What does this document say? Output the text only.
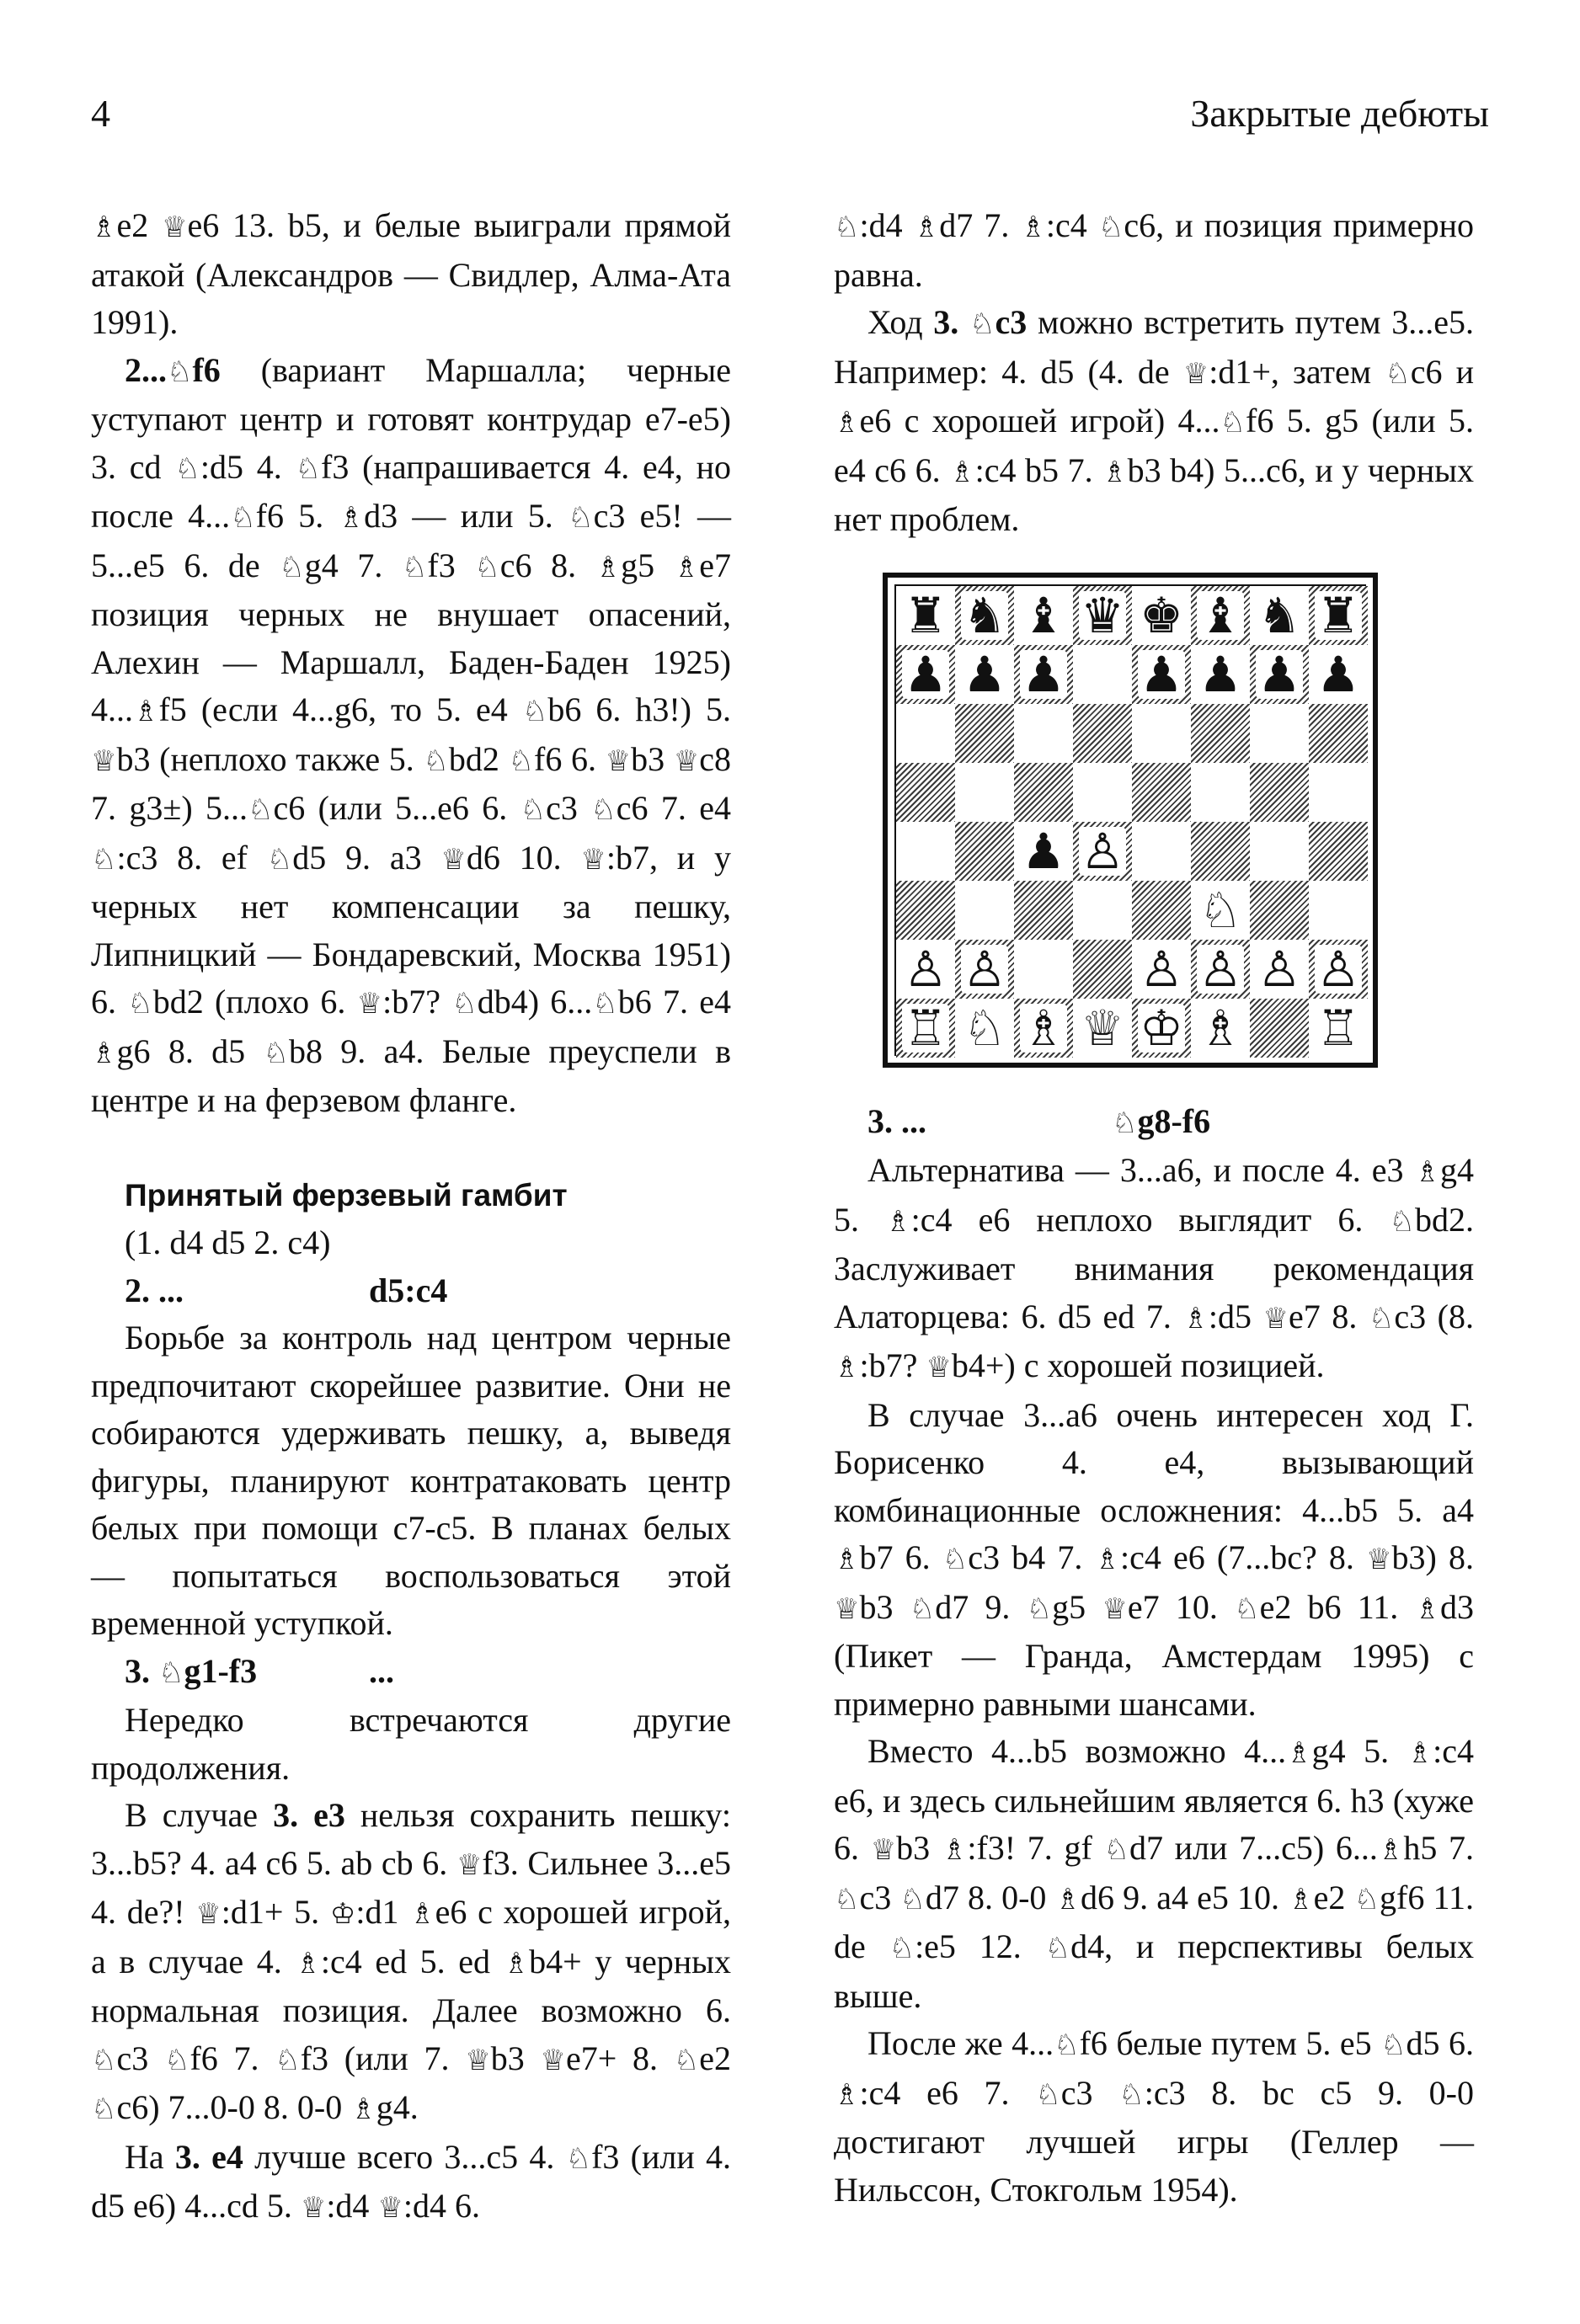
4	Закрытые дебюты

♗e2 ♕e6 13. b5, и белые выиграли прямой атакой (Александров — Свидлер, Алма-Ата 1991).

2...♘f6 (вариант Маршалла; черные уступают центр и готовят контрудар e7-e5) 3. cd ♘:d5 4. ♘f3 (напрашивается 4. e4, но после 4...♘f6 5. ♗d3 — или 5. ♘c3 e5! — 5...e5 6. de ♘g4 7. ♘f3 ♘c6 8. ♗g5 ♗e7 позиция черных не внушает опасений, Алехин — Маршалл, Баден-Баден 1925) 4...♗f5 (если 4...g6, то 5. e4 ♘b6 6. h3!) 5. ♕b3 (неплохо также 5. ♘bd2 ♘f6 6. ♕b3 ♕c8 7. g3±) 5...♘c6 (или 5...e6 6. ♘c3 ♘c6 7. e4 ♘:c3 8. ef ♘d5 9. a3 ♕d6 10. ♕:b7, и у черных нет компенсации за пешку, Липницкий — Бондаревский, Москва 1951) 6. ♘bd2 (плохо 6. ♕:b7? ♘db4) 6...♘b6 7. e4 ♗g6 8. d5 ♘b8 9. a4. Белые преуспели в центре и на ферзевом фланге.

Принятый ферзевый гамбит

(1. d4 d5 2. c4)

2. ...	d5:c4

Борьбе за контроль над центром черные предпочитают скорейшее развитие. Они не собираются удерживать пешку, а, выведя фигуры, планируют контратаковать центр белых при помощи c7-c5. В планах белых — попытаться воспользоваться этой временной уступкой.

3. ♘g1-f3	...

Нередко встречаются другие продолжения.

В случае 3. e3 нельзя сохранить пешку: 3...b5? 4. a4 c6 5. ab cb 6. ♕f3. Сильнее 3...e5 4. de?! ♕:d1+ 5. ♔:d1 ♗e6 с хорошей игрой, а в случае 4. ♗:c4 ed 5. ed ♗b4+ у черных нормальная позиция. Далее возможно 6. ♘c3 ♘f6 7. ♘f3 (или 7. ♕b3 ♕e7+ 8. ♘e2 ♘c6) 7...0-0 8. 0-0 ♗g4.

На 3. e4 лучше всего 3...c5 4. ♘f3 (или 4. d5 e6) 4...cd 5. ♕:d4 ♕:d4 6.

♘:d4 ♗d7 7. ♗:c4 ♘c6, и позиция примерно равна.

Ход 3. ♘c3 можно встретить путем 3...e5. Например: 4. d5 (4. de ♕:d1+, затем ♘c6 и ♗e6 с хорошей игрой) 4...♘f6 5. g5 (или 5. e4 c6 6. ♗:c4 b5 7. ♗b3 b4) 5...c6, и у черных нет проблем.

♜ ♞ ♝ ♛ ♚ ♝ ♞ ♜
♟ ♟ ♟ ♟ ♟ ♟ ♟
♟ ♙
♘
♙ ♙	♙ ♙ ♙ ♙
♖ ♘ ♗ ♕ ♔ ♗ ♖
3. ...	♘g8-f6

Альтернатива — 3...a6, и после 4. e3 ♗g4 5. ♗:c4 e6 неплохо выглядит 6. ♘bd2. Заслуживает внимания рекомендация Алаторцева: 6. d5 ed 7. ♗:d5 ♕e7 8. ♘c3 (8. ♗:b7? ♕b4+) с хорошей позицией.

В случае 3...a6 очень интересен ход Г. Борисенко 4. e4, вызывающий комбинационные осложнения: 4...b5 5. a4 ♗b7 6. ♘c3 b4 7. ♗:c4 e6 (7...bc? 8. ♕b3) 8. ♕b3 ♘d7 9. ♘g5 ♕e7 10. ♘e2 b6 11. ♗d3 (Пикет — Гранда, Амстердам 1995) с примерно равными шансами.

Вместо 4...b5 возможно 4...♗g4 5. ♗:c4 e6, и здесь сильнейшим является 6. h3 (хуже 6. ♕b3 ♗:f3! 7. gf ♘d7 или 7...c5) 6...♗h5 7. ♘c3 ♘d7 8. 0-0 ♗d6 9. a4 e5 10. ♗e2 ♘gf6 11. de ♘:e5 12. ♘d4, и перспективы белых выше.

После же 4...♘f6 белые путем 5. e5 ♘d5 6. ♗:c4 e6 7. ♘c3 ♘:c3 8. bc c5 9. 0-0 достигают лучшей игры (Геллер — Нильссон, Стокгольм 1954).
